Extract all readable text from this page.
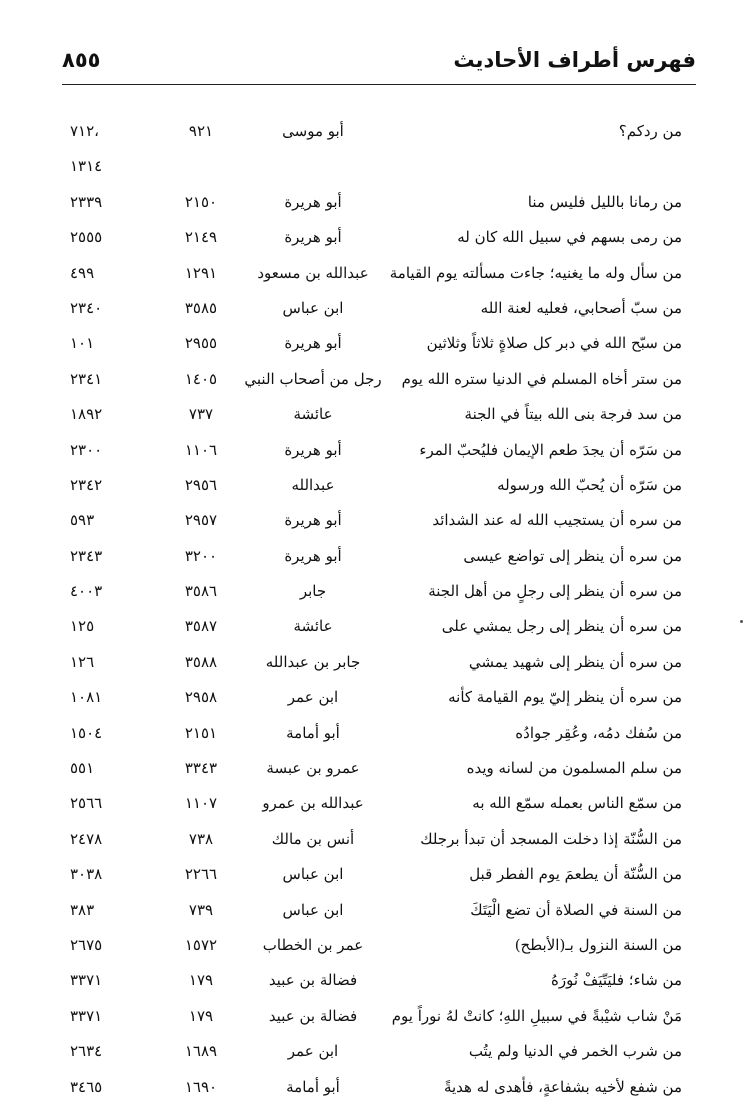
فهرس أطراف الأحاديث
٨٥٥
من ردكم؟
أبو موسى
٩٢١
٧١٢،
١٣١٤
من رمانا بالليل فليس منا
أبو هريرة
٢١٥٠
٢٣٣٩
من رمى بسهم في سبيل الله كان له
أبو هريرة
٢١٤٩
٢٥٥٥
من سأل وله ما يغنيه؛ جاءت مسألته يوم القيامة
عبدالله بن مسعود
١٢٩١
٤٩٩
من سبّ أصحابي، فعليه لعنة الله
ابن عباس
٣٥٨٥
٢٣٤٠
من سبّح الله في دبر كل صلاةٍ ثلاثاً وثلاثين
أبو هريرة
٢٩٥٥
١٠١
من ستر أخاه المسلم في الدنيا ستره الله يوم
رجل من أصحاب النبي
١٤٠٥
٢٣٤١
من سد فرجة بنى الله بيتاً في الجنة
عائشة
٧٣٧
١٨٩٢
من سَرّه أن يجدَ طعم الإيمان فليُحبّ المرء
أبو هريرة
١١٠٦
٢٣٠٠
من سَرّه أن يُحبّ الله ورسوله
عبدالله
٢٩٥٦
٢٣٤٢
من سره أن يستجيب الله له عند الشدائد
أبو هريرة
٢٩٥٧
٥٩٣
من سره أن ينظر إلى تواضع عيسى
أبو هريرة
٣٢٠٠
٢٣٤٣
من سره أن ينظر إلى رجلٍ من أهل الجنة
جابر
٣٥٨٦
٤٠٠٣
من سره أن ينظر إلى رجل يمشي على
عائشة
٣٥٨٧
١٢٥
من سره أن ينظر إلى شهيد يمشي
جابر بن عبدالله
٣٥٨٨
١٢٦
من سره أن ينظر إليّ يوم القيامة كأنه
ابن عمر
٢٩٥٨
١٠٨١
من سُفك دمُه، وعُقِر جوادُه
أبو أمامة
٢١٥١
١٥٠٤
من سلم المسلمون من لسانه ويده
عمرو بن عبسة
٣٣٤٣
٥٥١
من سمّع الناس بعمله سمّع الله به
عبدالله بن عمرو
١١٠٧
٢٥٦٦
من السُّنّة إذا دخلت المسجد أن تبدأ برجلك
أنس بن مالك
٧٣٨
٢٤٧٨
من السُّنّة أن يطعمَ يوم الفطر قبل
ابن عباس
٢٢٦٦
٣٠٣٨
من السنة في الصلاة أن تضع الْيَتَكَ
ابن عباس
٧٣٩
٣٨٣
من السنة النزول بـ(الأبطح)
عمر بن الخطاب
١٥٧٢
٢٦٧٥
من شاء؛ فليَتّيَفْ نُورَهُ
فضالة بن عبيد
١٧٩
٣٣٧١
مَنْ شاب شيْبةً في سبيلِ اللهِ؛ كانتْ لهُ نوراً يوم
فضالة بن عبيد
١٧٩
٣٣٧١
من شرب الخمر في الدنيا ولم يتُب
ابن عمر
١٦٨٩
٢٦٣٤
من شفع لأخيه بشفاعةٍ، فأهدى له هديةً
أبو أمامة
١٦٩٠
٣٤٦٥
